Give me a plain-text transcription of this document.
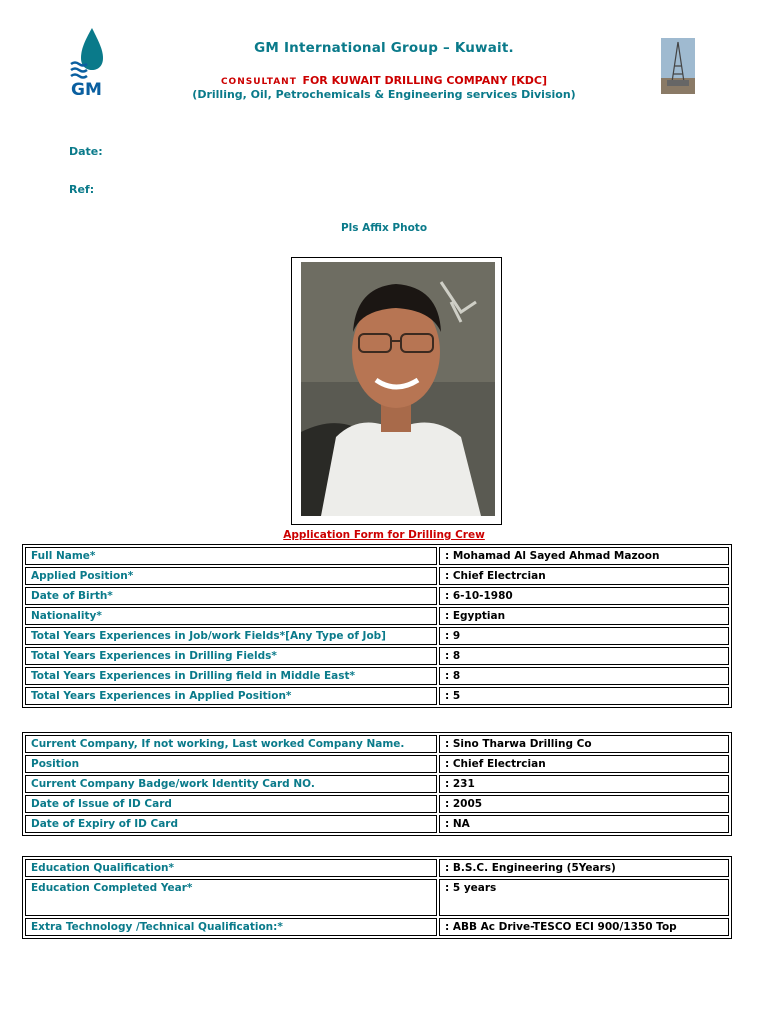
GM
GM International Group – Kuwait.
CONSULTANT FOR KUWAIT DRILLING COMPANY [KDC]
(Drilling, Oil, Petrochemicals & Engineering services Division)
Date:
Ref:
Pls Affix Photo
Application Form for Drilling Crew
Full Name*	: Mohamad Al Sayed Ahmad Mazoon
Applied Position*	: Chief Electrcian
Date of Birth*	: 6-10-1980
Nationality*	: Egyptian
Total Years Experiences in Job/work Fields*[Any Type of Job]	: 9
Total Years Experiences in Drilling Fields*	: 8
Total Years Experiences in Drilling field in Middle East*	: 8
Total Years Experiences in Applied Position*	: 5
Current Company, If not working, Last worked Company Name.	: Sino Tharwa Drilling Co
Position	: Chief Electrcian
Current Company Badge/work Identity Card NO.	: 231
Date of Issue of ID Card	: 2005
Date of Expiry of ID Card	: NA
Education Qualification*	: B.S.C. Engineering (5Years)
Education Completed Year*	: 5 years
Extra Technology /Technical Qualification:*	: ABB Ac Drive-TESCO ECI 900/1350 Top
